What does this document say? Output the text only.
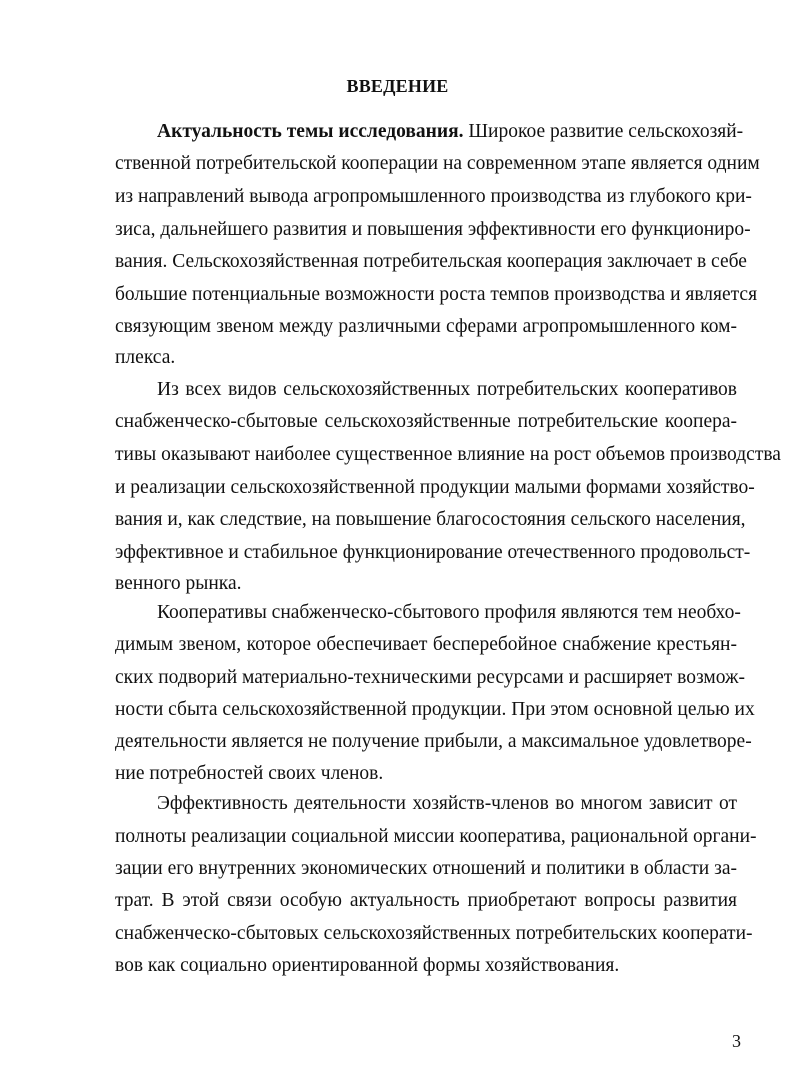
ВВЕДЕНИЕ
Актуальность темы исследования. Широкое развитие сельскохозяй-
ственной потребительской кооперации на современном этапе является одним
из направлений вывода агропромышленного производства из глубокого кри-
зиса, дальнейшего развития и повышения эффективности его функциониро-
вания. Сельскохозяйственная потребительская кооперация заключает в себе
большие потенциальные возможности роста темпов производства и является
связующим звеном между различными сферами агропромышленного ком-
плекса.
Из всех видов сельскохозяйственных потребительских кооперативов
снабженческо-сбытовые сельскохозяйственные потребительские коопера-
тивы оказывают наиболее существенное влияние на рост объемов производства
и реализации сельскохозяйственной продукции малыми формами хозяйство-
вания и, как следствие, на повышение благосостояния сельского населения,
эффективное и стабильное функционирование отечественного продовольст-
венного рынка.
Кооперативы снабженческо-сбытового профиля являются тем необхо-
димым звеном, которое обеспечивает бесперебойное снабжение крестьян-
ских подворий материально-техническими ресурсами и расширяет возмож-
ности сбыта сельскохозяйственной продукции. При этом основной целью их
деятельности является не получение прибыли, а максимальное удовлетворе-
ние потребностей своих членов.
Эффективность деятельности хозяйств-членов во многом зависит от
полноты реализации социальной миссии кооператива, рациональной органи-
зации его внутренних экономических отношений и политики в области за-
трат. В этой связи особую актуальность приобретают вопросы развития
снабженческо-сбытовых сельскохозяйственных потребительских кооперати-
вов как социально ориентированной формы хозяйствования.
3
